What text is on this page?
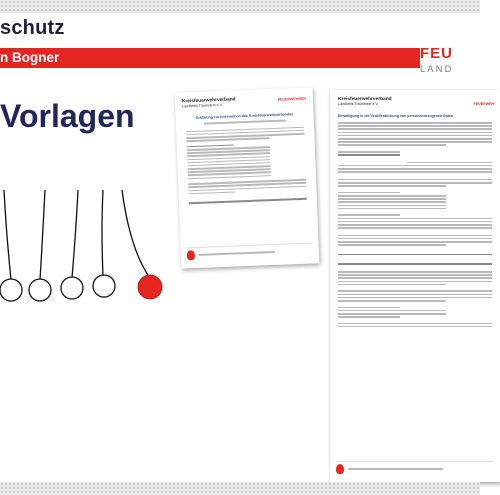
schutz
n Bogner	FEU
LAND
Vorlagen	Kreisfeuerwehrverband
Landkreis Traunstein e.V.
FEUERWEHREN
Erklärung zur Intervention des Kreisfeuerwehrverbandes
Kreisfeuerwehrverband
Landkreis Traunstein e.V.	FEUERWEH
Einwilligung in die Veröffentlichung von personenbezogenen Daten
